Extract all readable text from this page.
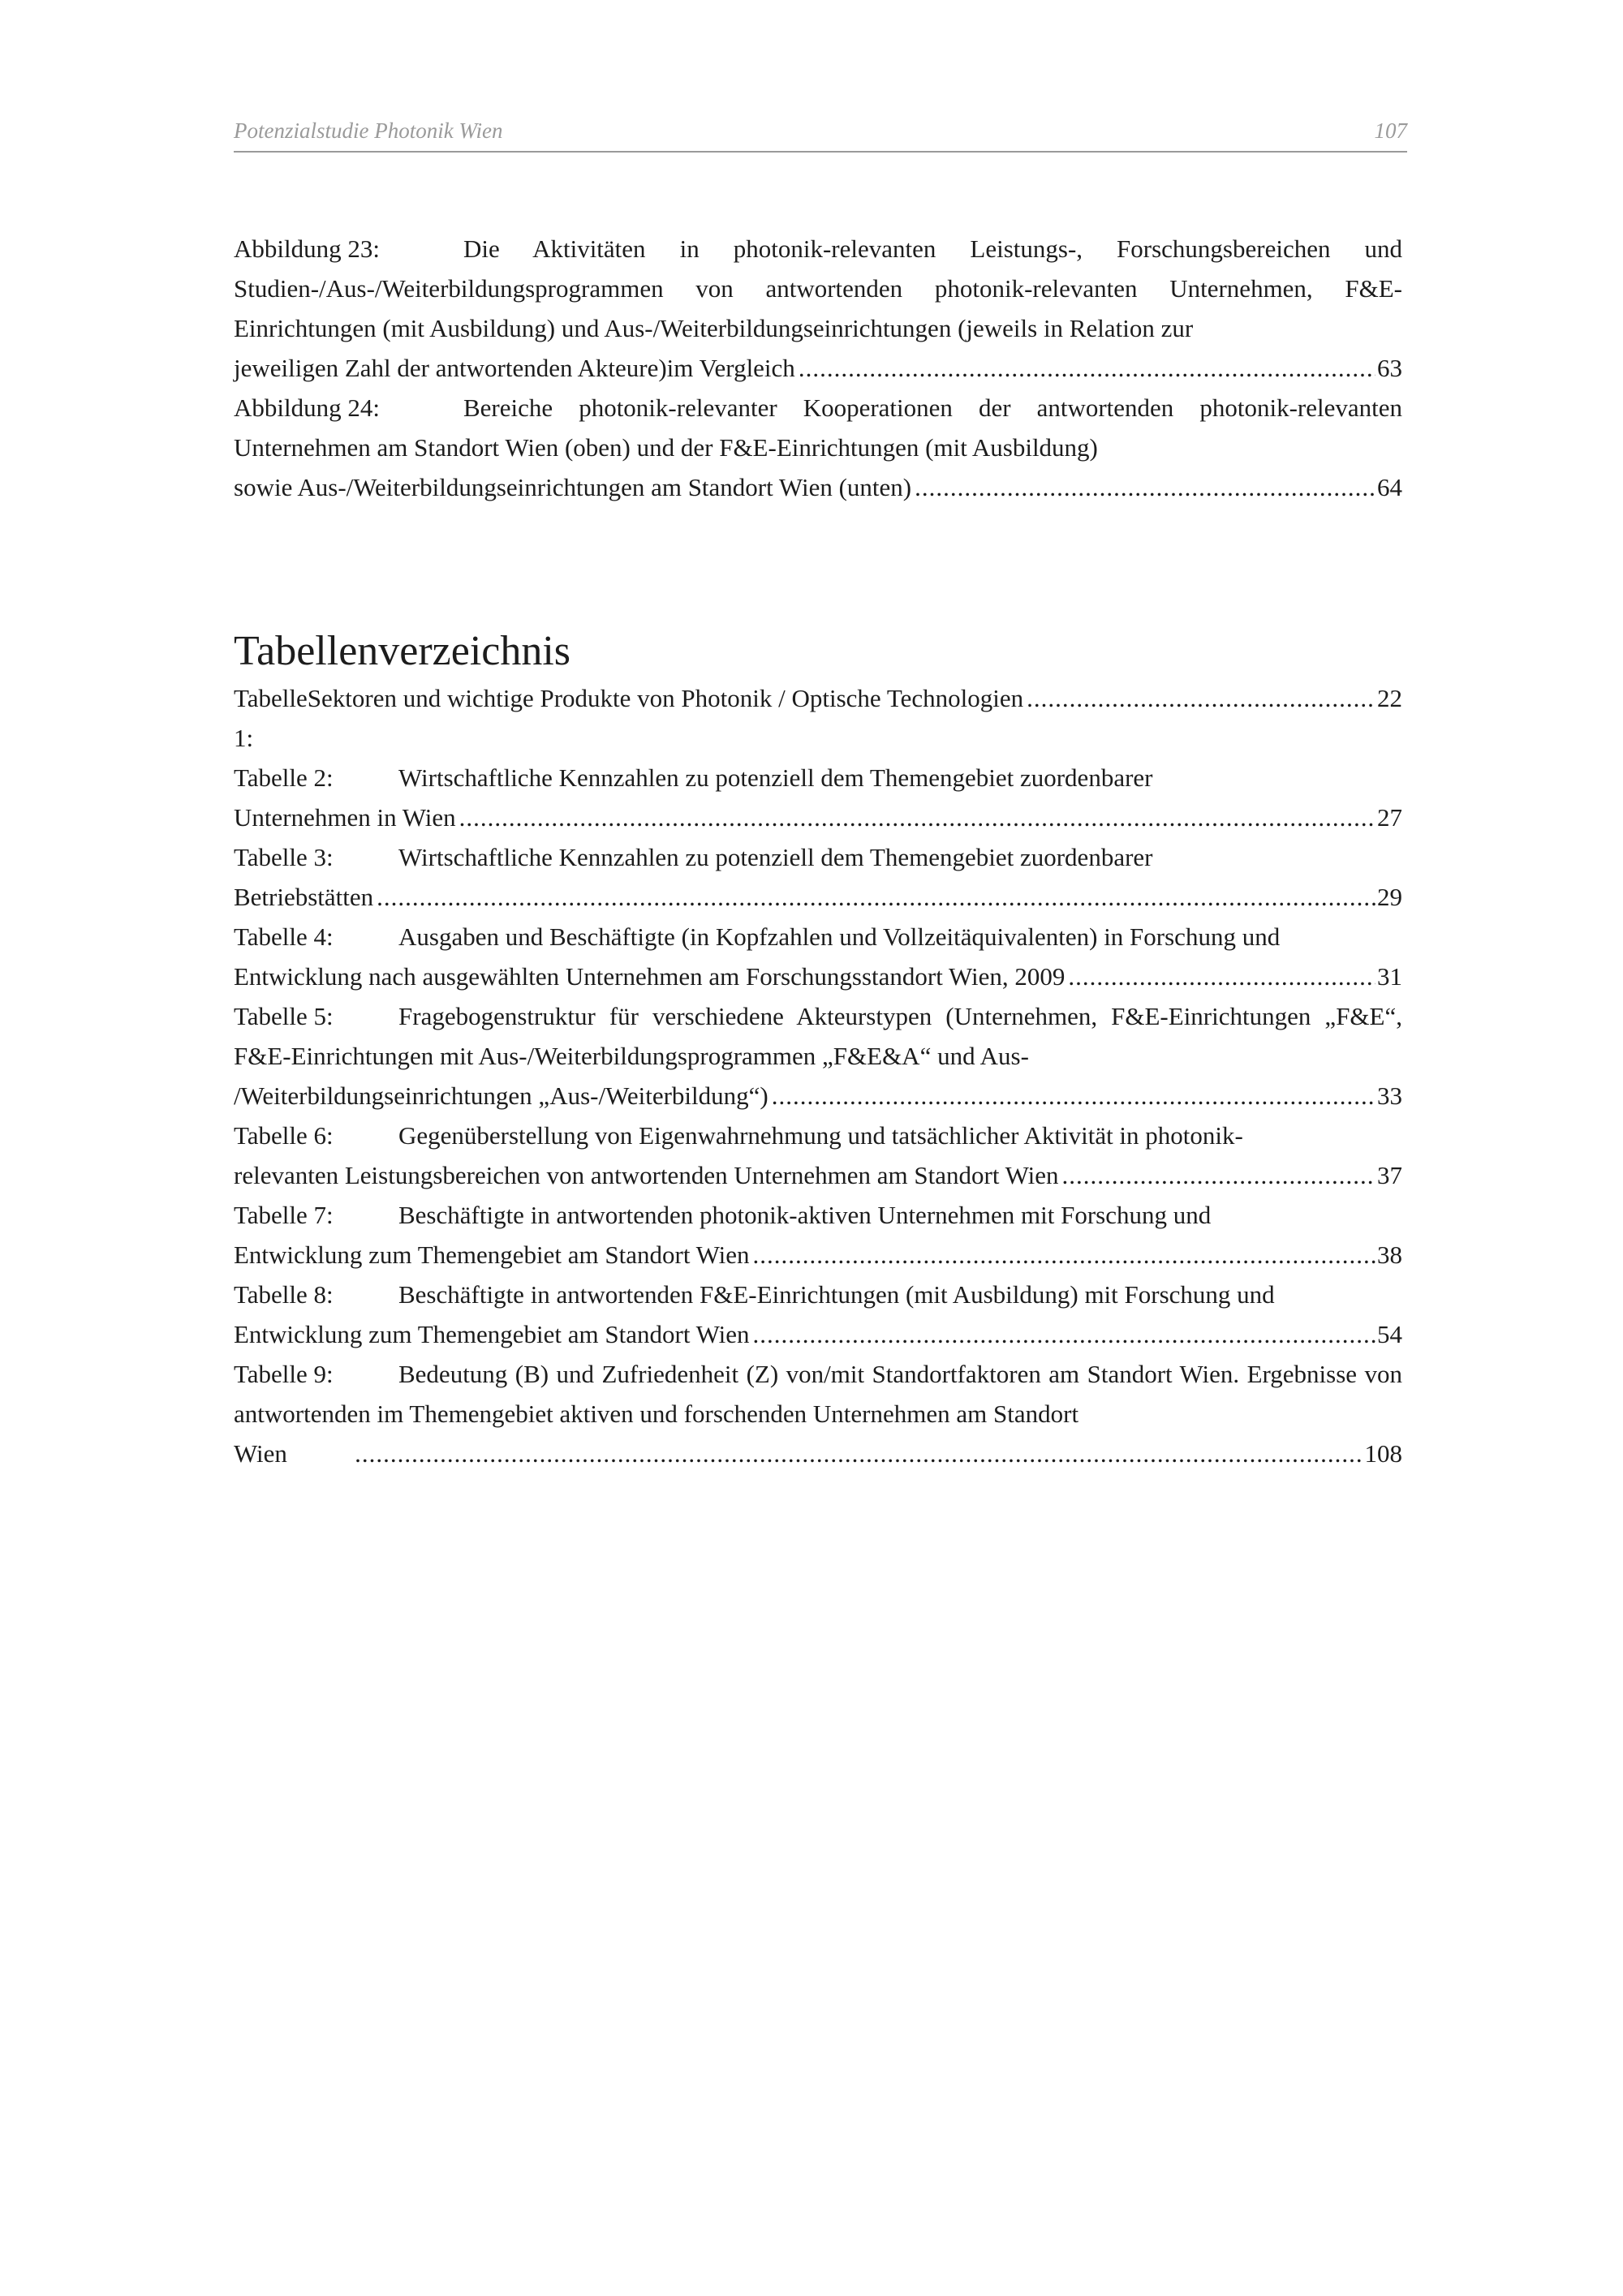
Potenzialstudie Photonik Wien	107

Abbildung 23:	Die Aktivitäten in photonik-relevanten Leistungs-, Forschungsbereichen und Studien-/Aus-/Weiterbildungsprogrammen von antwortenden photonik-relevanten Unternehmen, F&E-Einrichtungen (mit Ausbildung) und Aus-/Weiterbildungseinrichtungen (jeweils in Relation zur

jeweiligen Zahl der antwortenden Akteure)im Vergleich .....	63

Abbildung 24:	Bereiche photonik-relevanter Kooperationen der antwortenden photonik-relevanten Unternehmen am Standort Wien (oben) und der F&E-Einrichtungen (mit Ausbildung)

sowie Aus-/Weiterbildungseinrichtungen am Standort Wien (unten) .....	64
Tabellenverzeichnis
Tabelle 1:
Sektoren und wichtige Produkte von Photonik / Optische Technologien .....	22

Tabelle 2:	Wirtschaftliche Kennzahlen zu potenziell dem Themengebiet zuordenbarer

Unternehmen in Wien .....	27

Tabelle 3:	Wirtschaftliche Kennzahlen zu potenziell dem Themengebiet zuordenbarer

Betriebstätten .....	29

Tabelle 4:	Ausgaben und Beschäftigte (in Kopfzahlen und Vollzeitäquivalenten) in Forschung und

Entwicklung nach ausgewählten Unternehmen am Forschungsstandort Wien, 2009 .....	31

Tabelle 5:	Fragebogenstruktur für verschiedene Akteurstypen (Unternehmen, F&E-Einrichtungen „F&E“, F&E-Einrichtungen mit Aus-/Weiterbildungsprogrammen „F&E&A“ und Aus-

/Weiterbildungseinrichtungen „Aus-/Weiterbildung“) .....	33

Tabelle 6:	Gegenüberstellung von Eigenwahrnehmung und tatsächlicher Aktivität in photonik-

relevanten Leistungsbereichen von antwortenden Unternehmen am Standort Wien .....	37

Tabelle 7:	Beschäftigte in antwortenden photonik-aktiven Unternehmen mit Forschung und

Entwicklung zum Themengebiet am Standort Wien .....	38

Tabelle 8:	Beschäftigte in antwortenden F&E-Einrichtungen (mit Ausbildung) mit Forschung und

Entwicklung zum Themengebiet am Standort Wien .....	54

Tabelle 9:	Bedeutung (B) und Zufriedenheit (Z) von/mit Standortfaktoren am Standort Wien. Ergebnisse von antwortenden im Themengebiet aktiven und forschenden Unternehmen am Standort

Wien .....	108
